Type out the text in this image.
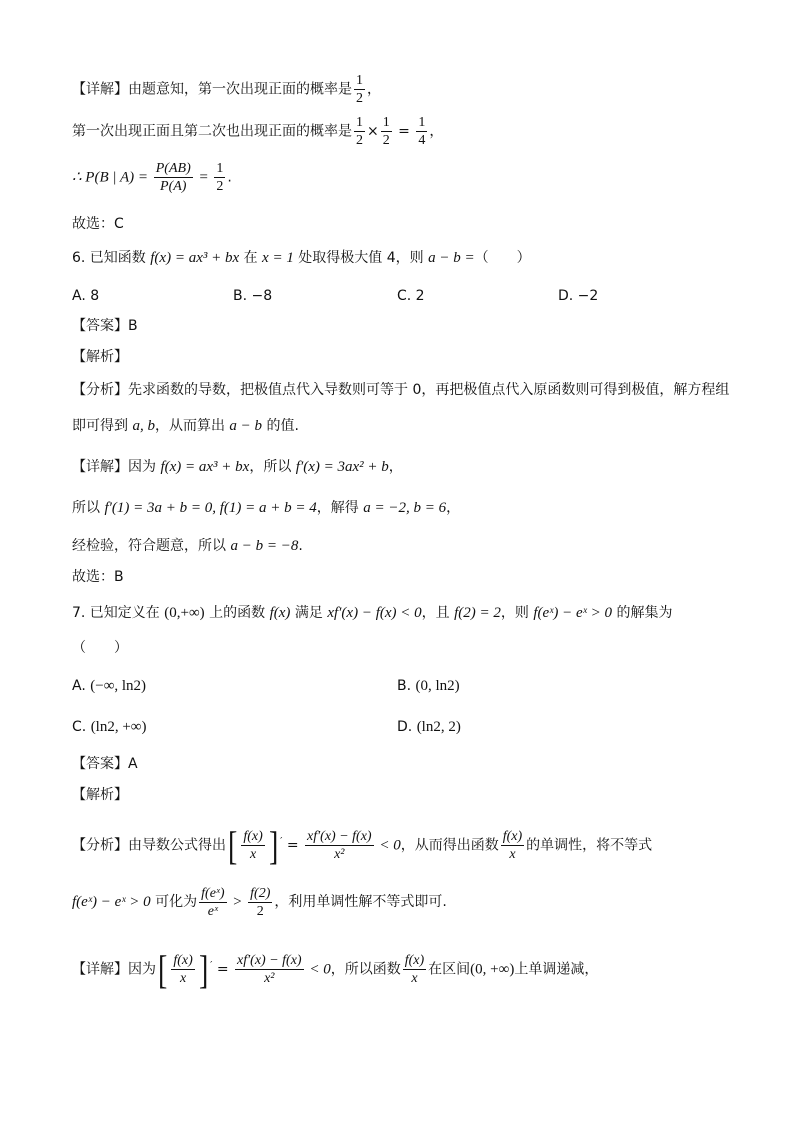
【详解】由题意知，第一次出现正面的概率是 $\frac{1}{2}$ ，
第一次出现正面且第二次也出现正面的概率是 $\frac{1}{2} \times \frac{1}{2} = \frac{1}{4}$ ，
∴ P(B | $A) = \frac{P(AB)}{P(A)} = \frac{1}{2}$ .
故选：C
6. 已知函数 f(x) = ax³ + bx 在 x = 1 处取得极大值 4，则 a − b =（　　）
A. 8	B. −8	C. 2	D. −2
【答案】B
【解析】
【分析】先求函数的导数，把极值点代入导数则可等于 0，再把极值点代入原函数则可得到极值，解方程组
即可得到 a, b，从而算出 a − b 的值.
【详解】因为 f(x) = ax³ + bx，所以 f′(x) = 3ax² + b，
所以 f′(1) = 3a + b = 0, f(1) = a + b = 4，解得 a = −2, b = 6，
经检验，符合题意，所以 a − b = −8.
故选：B
7. 已知定义在 (0,+∞) 上的函数 f(x) 满足 xf′(x) − f(x) < 0，且 f(2) = 2，则 f(eˣ) − eˣ > 0 的解集为
（　　）
A. (−∞, ln2)	B. (0, ln2)
C. (ln2, +∞)	D. (ln2, 2)
【答案】A
【解析】
【分析】由导数公式得出[ $\frac{f(x)}{x}$ ] $' = \frac{xf'(x) - f(x)}{\text{x²}} < 0$，从而得出函数 $\frac{f(x)}{x}$ 的单调性，将不等式
f(eˣ) − eˣ > 0 可化为 $\frac{\text{f(eˣ)}}{\text{eˣ}} > \frac{f(2)}{2}$ ，利用单调性解不等式即可.
【详解】因为[ $\frac{f(x)}{x}$ ] $' = \frac{xf'(x) - f(x)}{\text{x²}} < 0$，所以函数 $\frac{f(x)}{x}$ 在区间(0, +∞)上单调递减，
